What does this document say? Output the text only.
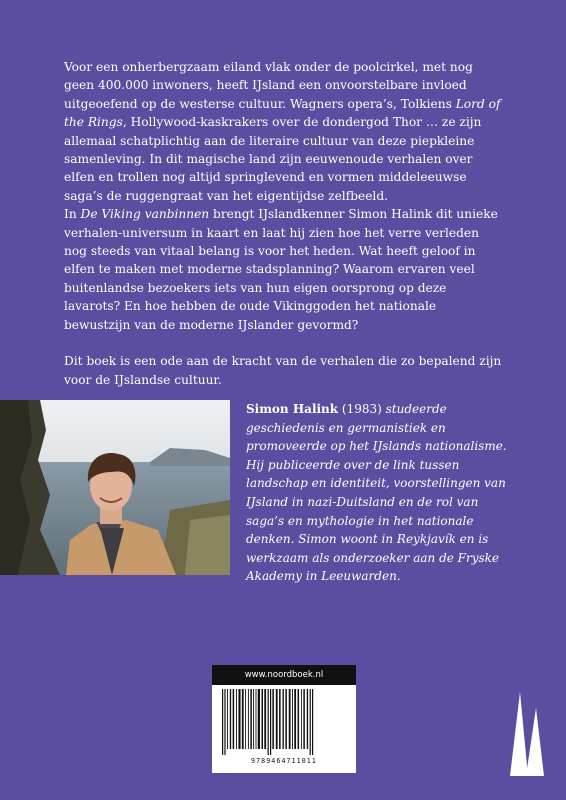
Voor een onherbergzaam eiland vlak onder de poolcirkel, met nog geen 400.000 inwoners, heeft IJsland een onvoorstelbare invloed uitgeoefend op de westerse cultuur. Wagners opera’s, Tolkiens Lord of the Rings, Hollywood-kaskrakers over de dondergod Thor … ze zijn allemaal schatplichtig aan de literaire cultuur van deze piepkleine samenleving. In dit magische land zijn eeuwenoude verhalen over elfen en trollen nog altijd springlevend en vormen middeleeuwse saga’s de ruggengraat van het eigentijdse zelfbeeld.

In De Viking vanbinnen brengt IJslandkenner Simon Halink dit unieke verhalen-universum in kaart en laat hij zien hoe het verre verleden nog steeds van vitaal belang is voor het heden. Wat heeft geloof in elfen te maken met moderne stadsplanning? Waarom ervaren veel buitenlandse bezoekers iets van hun eigen oorsprong op deze lavarots? En hoe hebben de oude Vikinggoden het nationale bewustzijn van de moderne IJslander gevormd?

Dit boek is een ode aan de kracht van de verhalen die zo bepalend zijn voor de IJslandse cultuur.

Simon Halink (1983) studeerde geschiedenis en germanistiek en promoveerde op het IJslands nationalisme. Hij publiceerde over de link tussen landschap en identiteit, voorstellingen van IJsland in nazi-Duitsland en de rol van saga’s en mythologie in het nationale denken. Simon woont in Reykjavík en is werkzaam als onderzoeker aan de Fryske Akademy in Leeuwarden.
www.noordboek.nl
9789464711011
